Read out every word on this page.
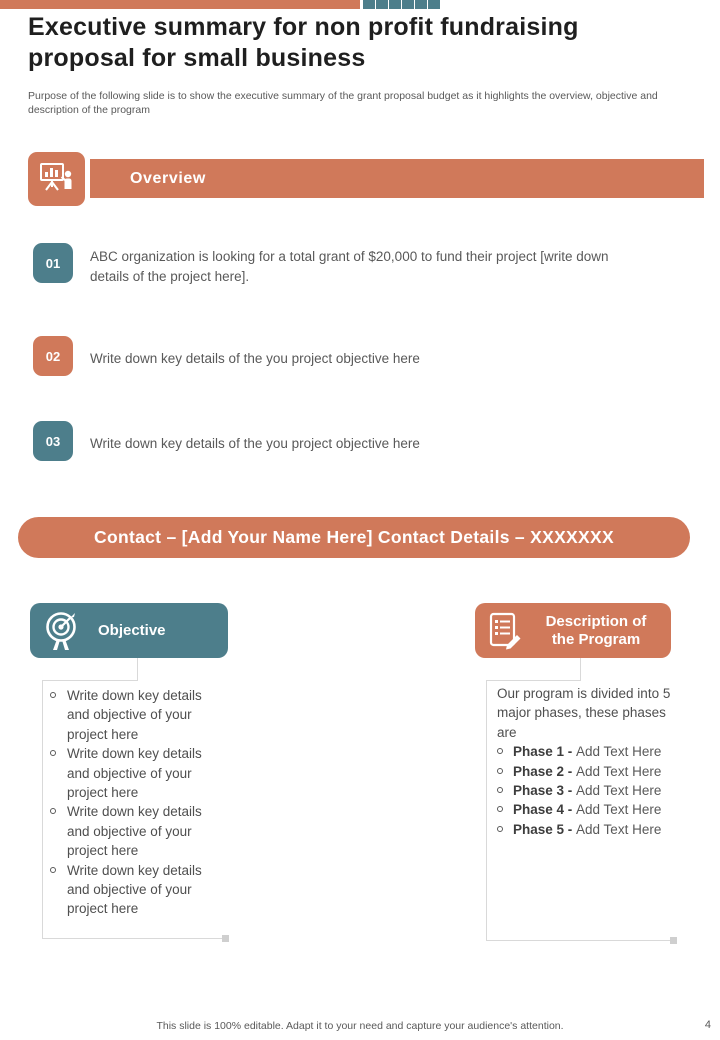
Executive summary for non profit fundraising proposal for small business

Purpose of the following slide is to show the executive summary of the grant proposal budget as it highlights the overview, objective and description of the program

Overview
01 ABC organization is looking for a total grant of $20,000 to fund their project [write down details of the project here].
02 Write down key details of the you project objective here
03 Write down key details of the you project objective here
Contact – [Add Your Name Here] Contact Details – XXXXXXX
Objective
Description of the Program
Write down key details and objective of your project here
Write down key details and objective of your project here
Write down key details and objective of your project here
Write down key details and objective of your project here

Our program is divided into 5 major phases, these phases are

Phase 1 - Add Text Here
Phase 2 - Add Text Here
Phase 3 - Add Text Here
Phase 4 - Add Text Here
Phase 5 - Add Text Here
This slide is 100% editable. Adapt it to your need and capture your audience's attention.	4
